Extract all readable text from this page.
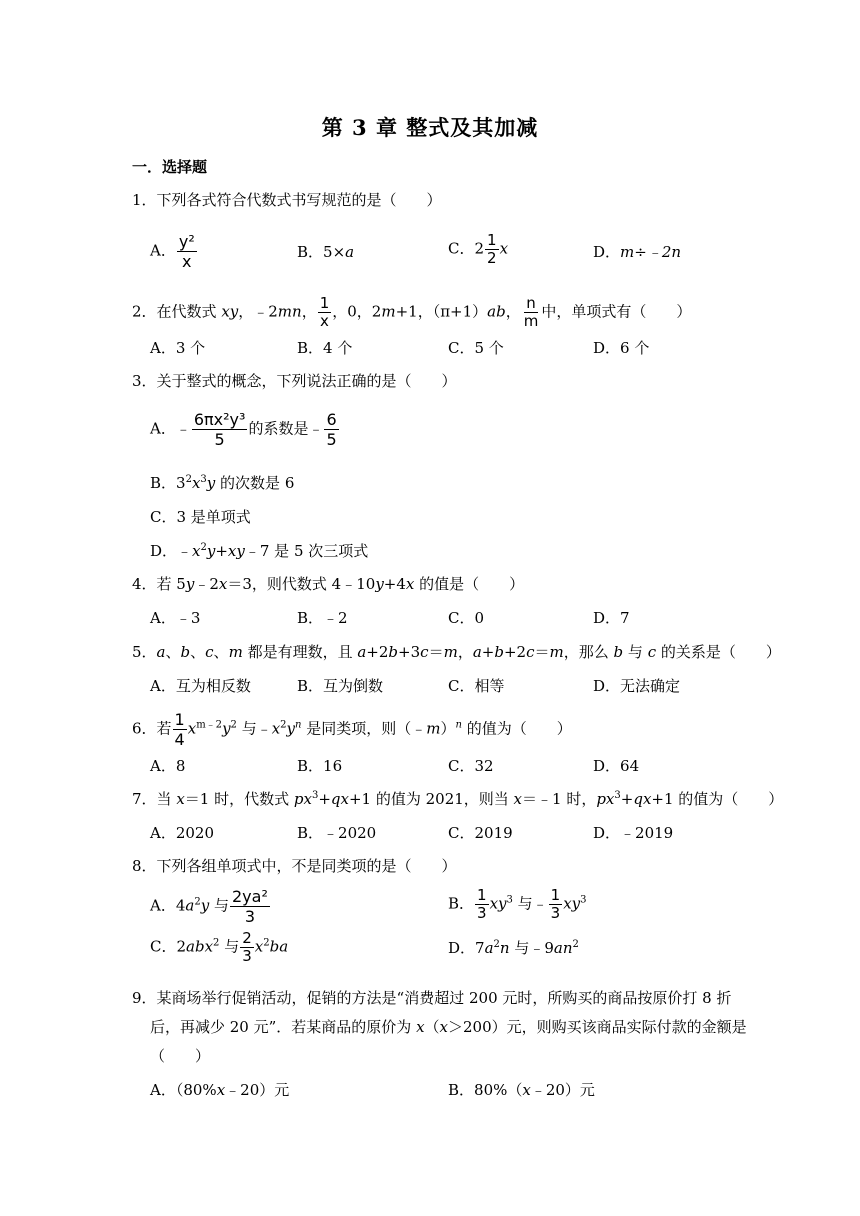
第 3 章 整式及其加减
一．选择题
1．下列各式符合代数式书写规范的是（　　）
A． $\frac{\text{y²}}{x}$	B．5×a	C．$2 \frac{1}{2}$ x	D．m÷﹣2n
2．在代数式 xy，﹣2mn， $\frac{1}{x}$ ，0，2m+1，（π+1）ab， $\frac{n}{m}$ 中，单项式有（　　）
A．3 个	B．4 个	C．5 个	D．6 个
3．关于整式的概念，下列说法正确的是（　　）
A．﹣ $\frac{\text{6πx²y³}}{5}$ 的系数是﹣ $\frac{6}{5}$
B．$3^2x^3y$ 的次数是 6
C．3 是单项式
D．$﹣x^2y+xy﹣7$ 是 5 次三项式
4．若 5y﹣2x＝3，则代数式 4﹣10y+4x 的值是（　　）
A．﹣3	B．﹣2	C．0	D．7
5．a、b、c、m 都是有理数，且 a+2b+3c＝m，a+b+2c＝m，那么 b 与 c 的关系是（　　）
A．互为相反数	B．互为倒数	C．相等	D．无法确定
6．若 $\frac{1}{4} x^{m﹣2}y^2$ 与$﹣x^2y^n$ 是同类项，则（﹣m）$^n$ 的值为（　　）
A．8	B．16	C．32	D．64
7．当 x＝1 时，代数式 $px^3+qx+1$ 的值为 2021，则当 x＝﹣1 时，$px^3+qx+1$ 的值为（　　）
A．2020	B．﹣2020	C．2019	D．﹣2019
8．下列各组单项式中，不是同类项的是（　　）
A．$4a^2y$ 与 $\frac{\text{2ya²}}{3}$	B． $\frac{1}{3} xy^3$ 与﹣ $\frac{1}{3} xy^3$
C．2abx$^2$ 与 $\frac{2}{3} x^2ba$	D．$7a^2n$ 与$﹣9an^2$
9．某商场举行促销活动，促销的方法是“消费超过 200 元时，所购买的商品按原价打 8 折
后，再减少 20 元”．若某商品的原价为 x（x＞200）元，则购买该商品实际付款的金额是
（　　）
A．（80%x﹣20）元	B．80%（x﹣20）元
